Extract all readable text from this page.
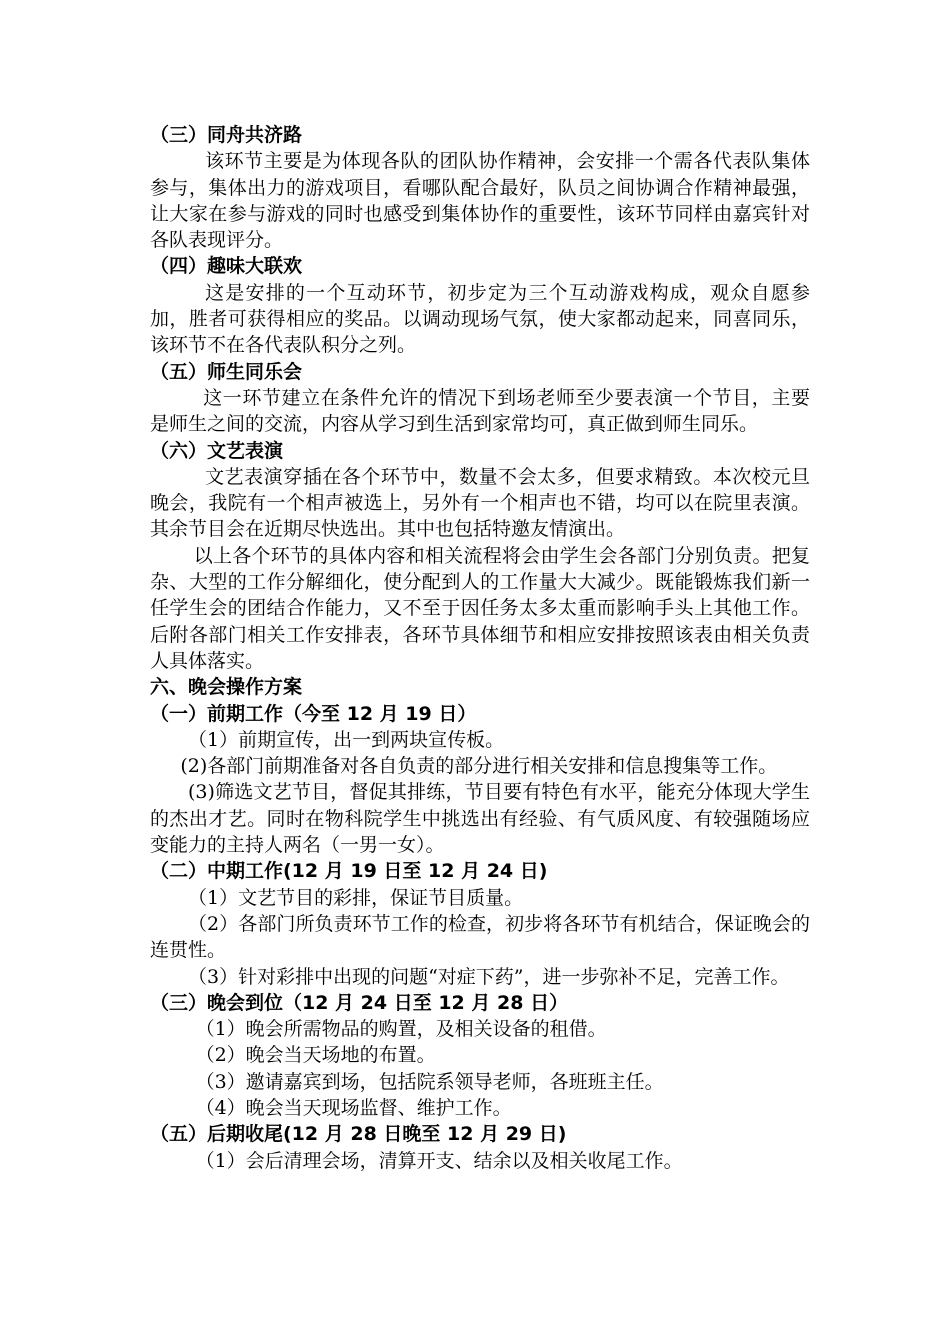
（三）同舟共济路

该环节主要是为体现各队的团队协作精神，会安排一个需各代表队集体参与，集体出力的游戏项目，看哪队配合最好，队员之间协调合作精神最强，让大家在参与游戏的同时也感受到集体协作的重要性，该环节同样由嘉宾针对各队表现评分。

（四）趣味大联欢

这是安排的一个互动环节，初步定为三个互动游戏构成，观众自愿参加，胜者可获得相应的奖品。以调动现场气氛，使大家都动起来，同喜同乐，该环节不在各代表队积分之列。

（五）师生同乐会

这一环节建立在条件允许的情况下到场老师至少要表演一个节目，主要是师生之间的交流，内容从学习到生活到家常均可，真正做到师生同乐。

（六）文艺表演

文艺表演穿插在各个环节中，数量不会太多，但要求精致。本次校元旦晚会，我院有一个相声被选上，另外有一个相声也不错，均可以在院里表演。其余节目会在近期尽快选出。其中也包括特邀友情演出。

以上各个环节的具体内容和相关流程将会由学生会各部门分别负责。把复杂、大型的工作分解细化，使分配到人的工作量大大减少。既能锻炼我们新一任学生会的团结合作能力，又不至于因任务太多太重而影响手头上其他工作。后附各部门相关工作安排表，各环节具体细节和相应安排按照该表由相关负责人具体落实。

六、晚会操作方案

（一）前期工作（今至 12 月 19 日）

（1）前期宣传，出一到两块宣传板。

(2)各部门前期准备对各自负责的部分进行相关安排和信息搜集等工作。

(3)筛选文艺节目，督促其排练，节目要有特色有水平，能充分体现大学生的杰出才艺。同时在物科院学生中挑选出有经验、有气质风度、有较强随场应变能力的主持人两名（一男一女）。

（二）中期工作(12 月 19 日至 12 月 24 日)

（1）文艺节目的彩排，保证节目质量。

（2）各部门所负责环节工作的检查，初步将各环节有机结合，保证晚会的连贯性。

（3）针对彩排中出现的问题“对症下药”，进一步弥补不足，完善工作。

（三）晚会到位（12 月 24 日至 12 月 28 日）

（1）晚会所需物品的购置，及相关设备的租借。

（2）晚会当天场地的布置。

（3）邀请嘉宾到场，包括院系领导老师，各班班主任。

（4）晚会当天现场监督、维护工作。

（五）后期收尾(12 月 28 日晚至 12 月 29 日)

（1）会后清理会场，清算开支、结余以及相关收尾工作。
